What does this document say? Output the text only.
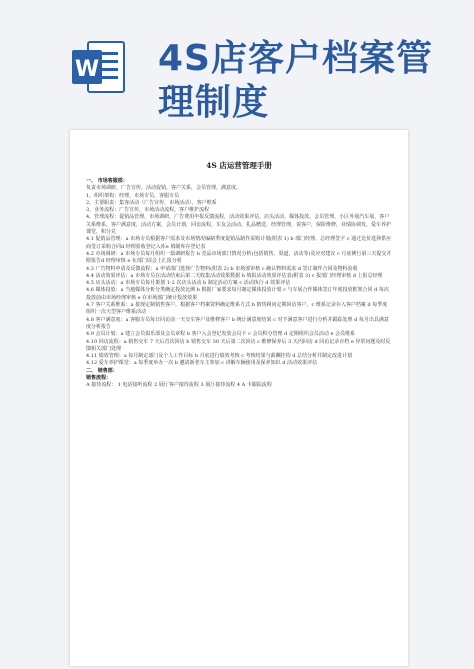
W 4S店客户档案管
理制度
4S 店运营管理手册

一、 市场客服部：

负责市场调研，广告宣传，活动促销，客户关系，会员管理，满意度。

1，组织架构：经理，市场专员，客服专员

2，主要职责：集客活动（广告宣传，市场活动），客户维系

3，业务流程：广告宣传，市场活动流程，客户维护流程

4，管理流程：促销品管理，市场调研，广告费用申报反馈流程，活动效果评估，店头活动，媒体投放，会员管理，小区外展汽车展，客户关系维系，客户满意度，活动方案，会员计划，回访流程，车友会活动，礼品赠送，经理管理，说客户，保险维修，业绩协调发，爱车养护课堂，积分兑

4.1 促销品管理：a 市场专员根据客户需求及市场情况编制季度促销品制作采购计划(附表 1) b 部门经理、总经理签字 c 通过比价选择供应商签订采购合同d 经理验收登记入库e 填制库存登记表

4.2 市场调研：a 市场专员每月组织一篇调研报告 b 竞品市场部门情况分析(包括销售，渠道，活动等)及应对建议 c 月底例行第三天提交并附报告d 经理审核 e 在部门周会上汇报分析

4.3 广告物料申请及反馈流程：a 申请部门选择广告物料(附表 2) b 市场部审核 c 确认物料需求 d 签订制作合同及物料验收

4.4 活动效果评估：a 市场专员在活动结束后第二天收集活动效果数据 b 填报活动效果评估表(附表 3) c 报部门经理审核 d 上报总经理

4.5 店头活动：a 市场专员每月策划 1-2 次店头活动 b 制定活动方案 c 活动执行 d 效果评估

4.6 媒体投放：a 当地媒体分析分类确定投放比例 b 根据厂家要求每月制定媒体投放计划 c 与车展合作媒体签订年度投放框架合同 d 每次投放前由市场经理审核 e 在市场部门统计投放效果

4.7 客户关系维系：a 接现定制销售客户，根据客户档案资料确定维系方式 b 销售顾问定期回访客户，c 维系记录存入客户档案 d 每季度组织一次大型客户维系活动

4.8 客户满意度：a 客服专员每日回访前一天交车客户及维修客户 b 统计满意度结果 c 对不满意客户进行分析并跟踪处理 d 每月出具满意度分析报告

4.9 会员计划：a 建立会员俱乐部及会员章程 b 客户入会登记发放会员卡 c 会员积分管理 d 定期组织会员活动 e 会员维系

4.10 回访流程：a 销售交车 7 天后首次回访 b 销售交车 30 天后第二次回访 c 维修保养后 3 天内回访 d 回访记录存档 e 异常问题及时反馈相关部门处理

4.11 绩效管理：a 每月制定部门及个人工作目标 b 月底进行绩效考核 c 考核结果与薪酬挂钩 d 总结分析并制定改进计划

4.12 爱车养护课堂：a 每季度举办一次 b 邀请新老车主参加 c 讲解车辆使用及保养知识 d 活动效果评估

二、 销售部：

销售流程：

A 接待流程： 1 电话接听流程 2 展厅客户接待流程 3 展厅接待流程 4 A 卡跟踪流程
